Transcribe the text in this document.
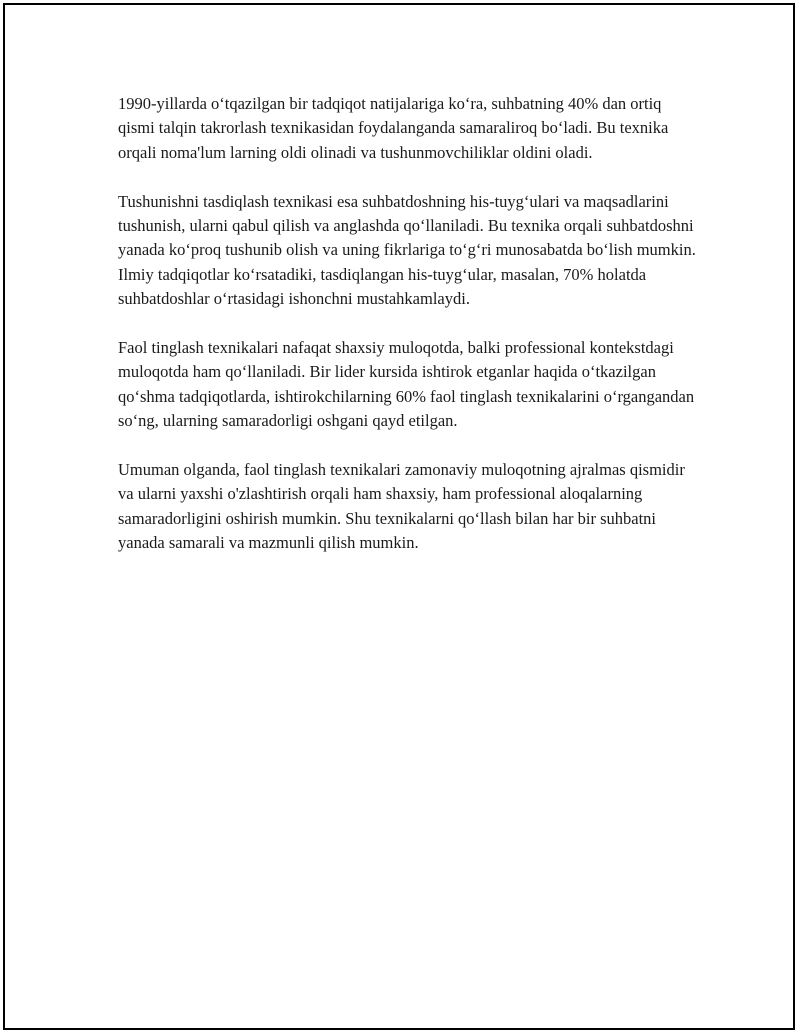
1990-yillarda o‘tqazilgan bir tadqiqot natijalariga ko‘ra, suhbatning 40% dan ortiq qismi talqin takrorlash texnikasidan foydalanganda samaraliroq bo‘ladi. Bu texnika orqali noma'lum larning oldi olinadi va tushunmovchiliklar oldini oladi.

Tushunishni tasdiqlash texnikasi esa suhbatdoshning his-tuyg‘ulari va maqsadlarini tushunish, ularni qabul qilish va anglashda qo‘llaniladi. Bu texnika orqali suhbatdoshni yanada ko‘proq tushunib olish va uning fikrlariga to‘g‘ri munosabatda bo‘lish mumkin. Ilmiy tadqiqotlar ko‘rsatadiki, tasdiqlangan his-tuyg‘ular, masalan, 70% holatda suhbatdoshlar o‘rtasidagi ishonchni mustahkamlaydi.

Faol tinglash texnikalari nafaqat shaxsiy muloqotda, balki professional kontekstdagi muloqotda ham qo‘llaniladi. Bir lider kursida ishtirok etganlar haqida o‘tkazilgan qo‘shma tadqiqotlarda, ishtirokchilarning 60% faol tinglash texnikalarini o‘rgangandan so‘ng, ularning samaradorligi oshgani qayd etilgan.

Umuman olganda, faol tinglash texnikalari zamonaviy muloqotning ajralmas qismidir va ularni yaxshi o'zlashtirish orqali ham shaxsiy, ham professional aloqalarning samaradorligini oshirish mumkin. Shu texnikalarni qo‘llash bilan har bir suhbatni yanada samarali va mazmunli qilish mumkin.
